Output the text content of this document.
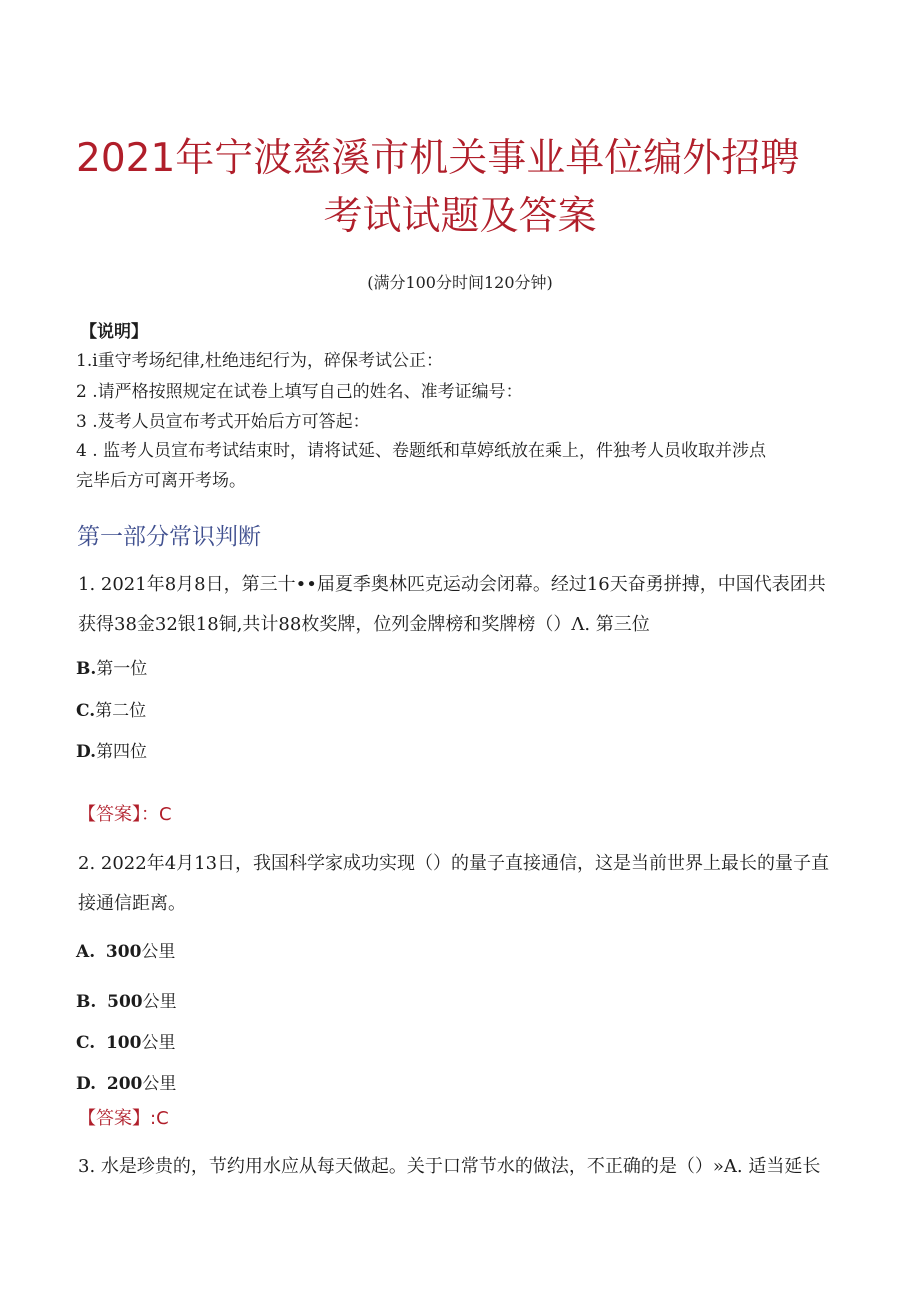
2021年宁波慈溪市机关事业单位编外招聘
考试试题及答案
(满分100分时间120分钟)
【说明】
1.i重守考场纪律,杜绝违纪行为，碎保考试公正：
2 .请严格按照规定在试卷上填写自己的姓名、准考证编号：
3 .芨考人员宣布考式开始后方可答起：
4 . 监考人员宣布考试结束时，请将试延、卷题纸和草婷纸放在乘上，件独考人员收取并涉点
完毕后方可离开考场。
第一部分常识判断
1. 2021年8月8日，第三十••届夏季奥林匹克运动会闭幕。经过16天奋勇拼搏，中国代表团共
获得38金32银18铜,共计88枚奖牌，位列金牌榜和奖牌榜（）Λ. 第三位
B.第一位
C.第二位
D.第四位
【答案】：C
2. 2022年4月13日，我国科学家成功实现（）的量子直接通信，这是当前世界上最长的量子直
接通信距离。
A. 300公里
B. 500公里
C. 100公里
D. 200公里
【答案】:C
3. 水是珍贵的，节约用水应从每天做起。关于口常节水的做法，不正确的是（）»A. 适当延长
